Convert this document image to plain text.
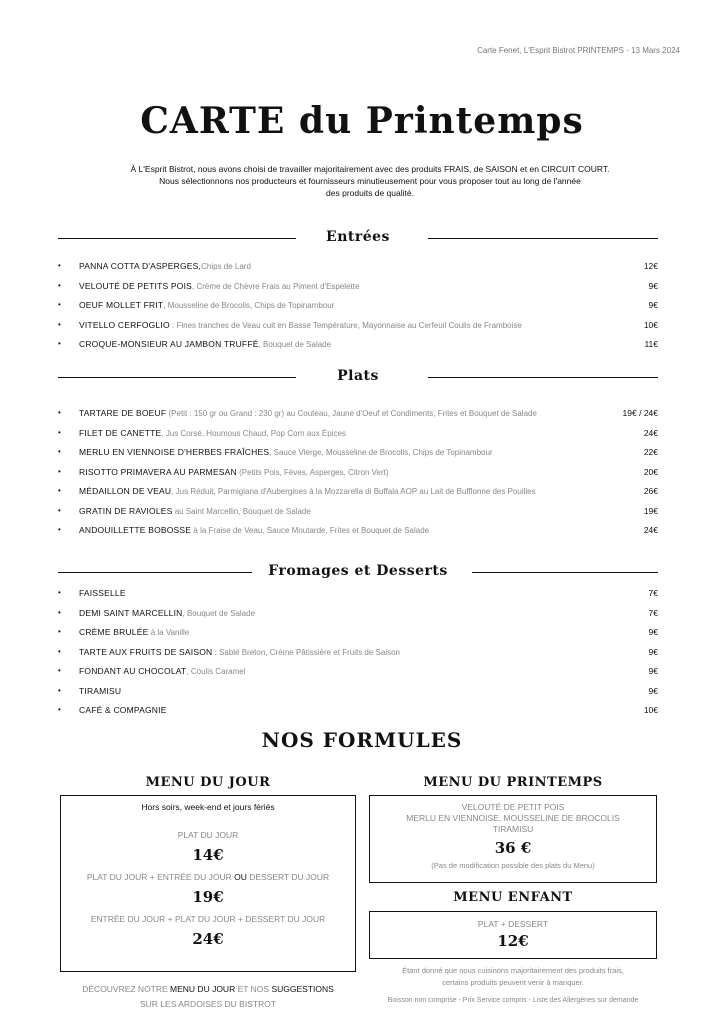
Carte Fenet, L'Esprit Bistrot PRINTEMPS - 13 Mars 2024
CARTE du Printemps
À L'Esprit Bistrot, nous avons choisi de travailler majoritairement avec des produits FRAIS, de SAISON et en CIRCUIT COURT.
Nous sélectionnons nos producteurs et fournisseurs minutieusement pour vous proposer tout au long de l'année
des produits de qualité.
Entrées
• PANNA COTTA D'ASPERGES,Chips de Lard	12€
• VELOUTÉ DE PETITS POIS, Crème de Chèvre Frais au Piment d'Espelette	9€
• OEUF MOLLET FRIT, Mousseline de Brocolis, Chips de Topinambour	9€
• VITELLO CERFOGLIO : Fines tranches de Veau cuit en Basse Température, Mayonnaise au Cerfeuil Coulis de Framboise	10€
• CROQUE-MONSIEUR AU JAMBON TRUFFÉ, Bouquet de Salade	11€
Plats
• TARTARE DE BOEUF (Petit : 150 gr ou Grand : 230 gr) au Couteau, Jaune d'Oeuf et Condiments, Frites et Bouquet de Salade	19€ / 24€
• FILET DE CANETTE, Jus Corsé, Houmous Chaud, Pop Corn aux Épices	24€
• MERLU EN VIENNOISE D'HERBES FRAÎCHES, Sauce Vierge, Mousseline de Brocolis, Chips de Topinambour	22€
• RISOTTO PRIMAVERA AU PARMESAN (Petits Pois, Fèves, Asperges, Citron Vert)	20€
• MÉDAILLON DE VEAU, Jus Réduit, Parmigiana d'Aubergines à la Mozzarella di Buffala AOP au Lait de Bufflonne des Pouilles	26€
• GRATIN DE RAVIOLES au Saint Marcellin, Bouquet de Salade	19€
• ANDOUILLETTE BOBOSSE à la Fraise de Veau, Sauce Moutarde, Frites et Bouquet de Salade	24€
Fromages et Desserts
• FAISSELLE	7€
• DEMI SAINT MARCELLIN, Bouquet de Salade	7€
• CRÈME BRULÉE à la Vanille	9€
• TARTE AUX FRUITS DE SAISON : Sablé Breton, Crème Pâtissière et Fruits de Saison	9€
• FONDANT AU CHOCOLAT, Coulis Caramel	9€
• TIRAMISU	9€
• CAFÉ & COMPAGNIE	10€
NOS FORMULES
MENU DU JOUR
Hors soirs, week-end et jours fériés
PLAT DU JOUR
14€
PLAT DU JOUR + ENTRÉE DU JOUR OU DESSERT DU JOUR
19€
ENTRÉE DU JOUR + PLAT DU JOUR + DESSERT DU JOUR
24€
DÉCOUVREZ NOTRE MENU DU JOUR ET NOS SUGGESTIONS
SUR LES ARDOISES DU BISTROT
MENU DU PRINTEMPS
VELOUTÉ DE PETIT POIS
MERLU EN VIENNOISE, MOUSSELINE DE BROCOLIS
TIRAMISU
36 €
(Pas de modification possible des plats du Menu)
MENU ENFANT
PLAT + DESSERT
12€
Étant donné que nous cuisinons majoritairement des produits frais,
certains produits peuvent venir à manquer.
Boisson non comprise - Prix Service compris - Liste des Allergènes sur demande
